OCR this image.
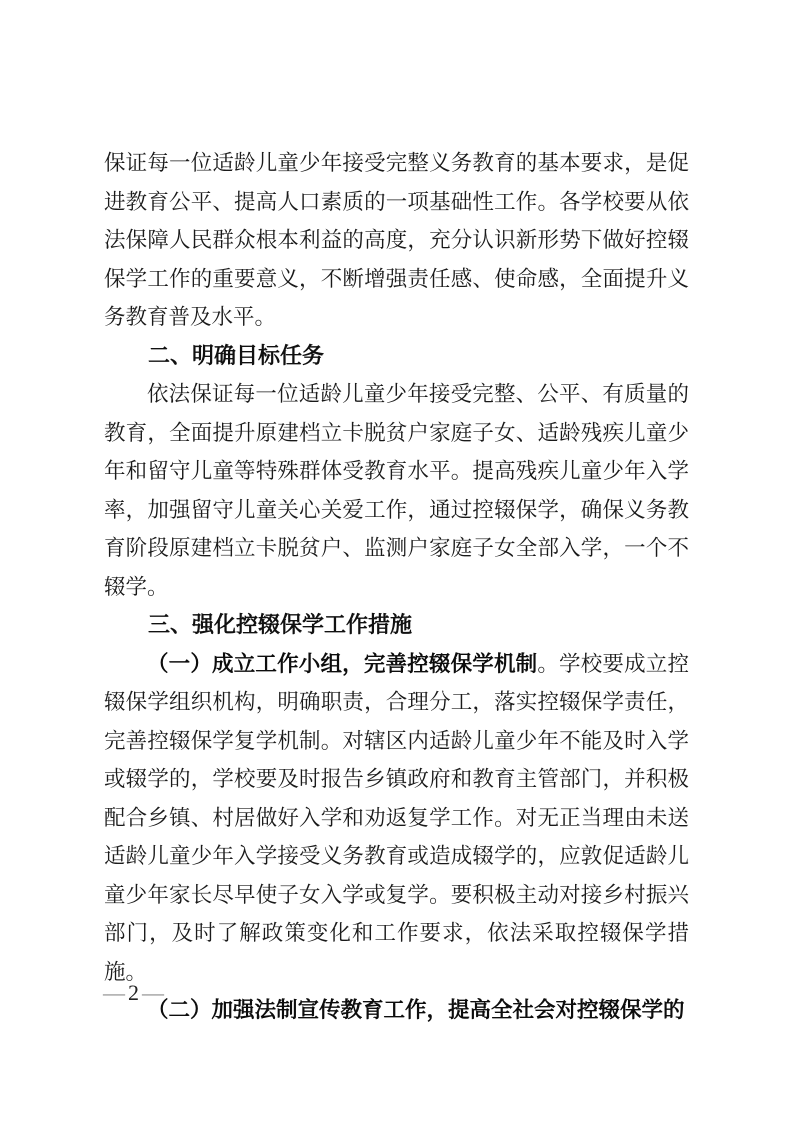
保证每一位适龄儿童少年接受完整义务教育的基本要求，是促进教育公平、提高人口素质的一项基础性工作。各学校要从依法保障人民群众根本利益的高度，充分认识新形势下做好控辍保学工作的重要意义，不断增强责任感、使命感，全面提升义务教育普及水平。

二、明确目标任务

依法保证每一位适龄儿童少年接受完整、公平、有质量的教育，全面提升原建档立卡脱贫户家庭子女、适龄残疾儿童少年和留守儿童等特殊群体受教育水平。提高残疾儿童少年入学率，加强留守儿童关心关爱工作，通过控辍保学，确保义务教育阶段原建档立卡脱贫户、监测户家庭子女全部入学，一个不辍学。

三、强化控辍保学工作措施

（一）成立工作小组，完善控辍保学机制。学校要成立控辍保学组织机构，明确职责，合理分工，落实控辍保学责任，完善控辍保学复学机制。对辖区内适龄儿童少年不能及时入学或辍学的，学校要及时报告乡镇政府和教育主管部门，并积极配合乡镇、村居做好入学和劝返复学工作。对无正当理由未送适龄儿童少年入学接受义务教育或造成辍学的，应敦促适龄儿童少年家长尽早使子女入学或复学。要积极主动对接乡村振兴部门，及时了解政策变化和工作要求，依法采取控辍保学措施。

（二）加强法制宣传教育工作，提高全社会对控辍保学的

— 2 —
